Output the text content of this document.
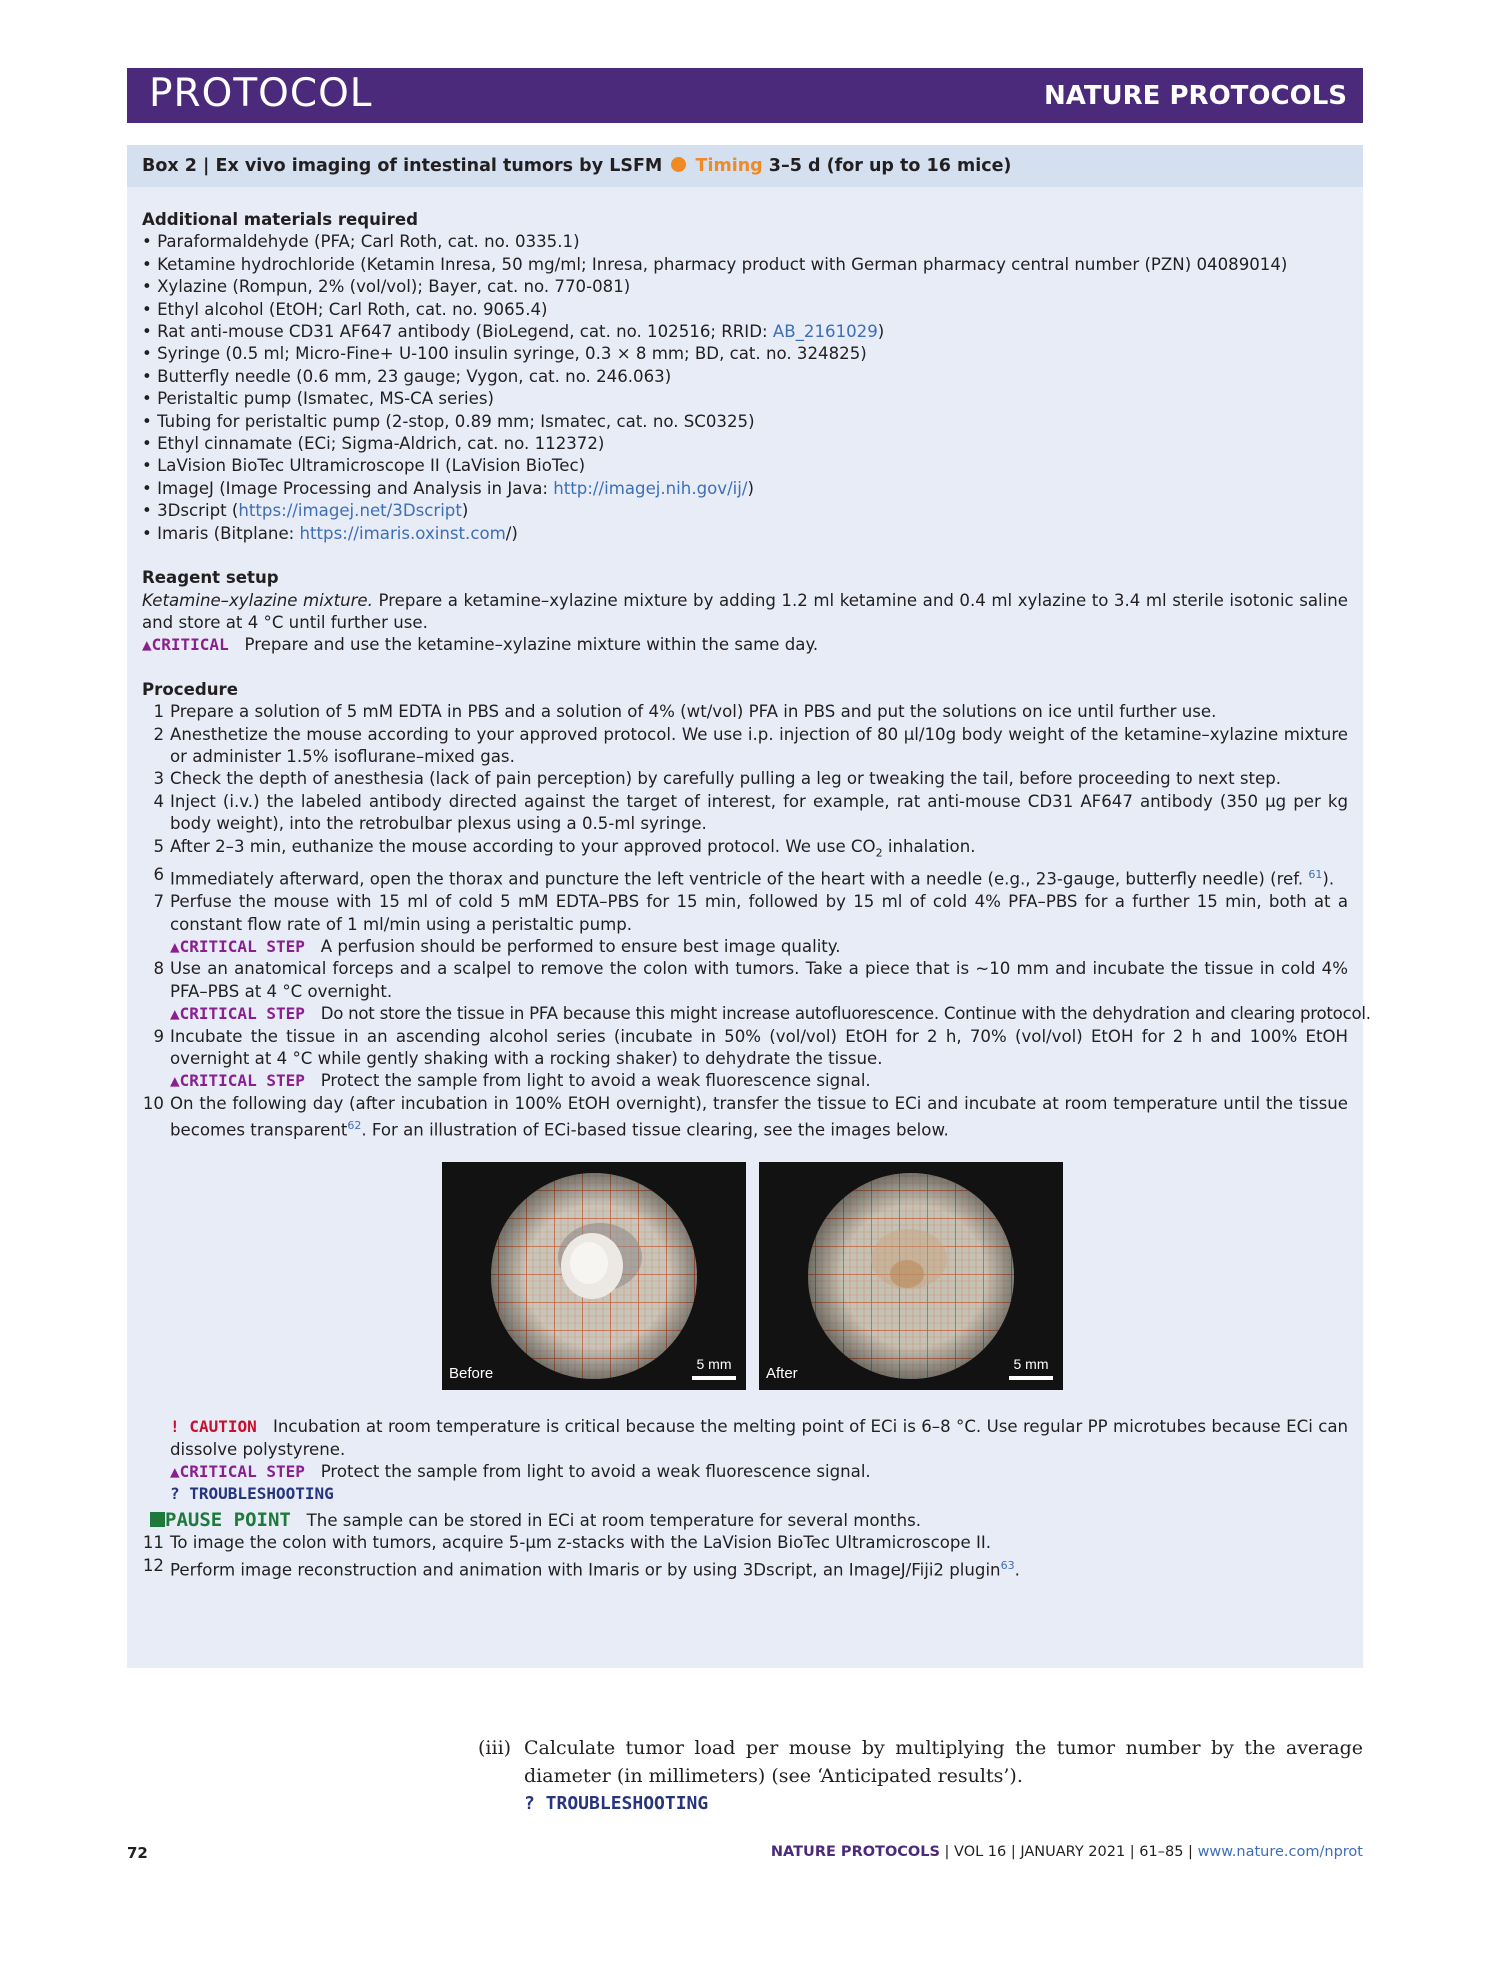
PROTOCOL	NATURE PROTOCOLS
Box 2 | Ex vivo imaging of intestinal tumors by LSFM Timing 3–5 d (for up to 16 mice)

Additional materials required

• Paraformaldehyde (PFA; Carl Roth, cat. no. 0335.1)
• Ketamine hydrochloride (Ketamin Inresa, 50 mg/ml; Inresa, pharmacy product with German pharmacy central number (PZN) 04089014)
• Xylazine (Rompun, 2% (vol/vol); Bayer, cat. no. 770-081)
• Ethyl alcohol (EtOH; Carl Roth, cat. no. 9065.4)
• Rat anti-mouse CD31 AF647 antibody (BioLegend, cat. no. 102516; RRID: AB_2161029)
• Syringe (0.5 ml; Micro-Fine+ U-100 insulin syringe, 0.3 × 8 mm; BD, cat. no. 324825)
• Butterfly needle (0.6 mm, 23 gauge; Vygon, cat. no. 246.063)
• Peristaltic pump (Ismatec, MS-CA series)
• Tubing for peristaltic pump (2-stop, 0.89 mm; Ismatec, cat. no. SC0325)
• Ethyl cinnamate (ECi; Sigma-Aldrich, cat. no. 112372)
• LaVision BioTec Ultramicroscope II (LaVision BioTec)
• ImageJ (Image Processing and Analysis in Java: http://imagej.nih.gov/ij/)
• 3Dscript (https://imagej.net/3Dscript)
• Imaris (Bitplane: https://imaris.oxinst.com/)

Reagent setup

Ketamine–xylazine mixture. Prepare a ketamine–xylazine mixture by adding 1.2 ml ketamine and 0.4 ml xylazine to 3.4 ml sterile isotonic saline and store at 4 °C until further use.
▲CRITICAL Prepare and use the ketamine–xylazine mixture within the same day.

Procedure

1 Prepare a solution of 5 mM EDTA in PBS and a solution of 4% (wt/vol) PFA in PBS and put the solutions on ice until further use.
2 Anesthetize the mouse according to your approved protocol. We use i.p. injection of 80 µl/10g body weight of the ketamine–xylazine mixture or administer 1.5% isoflurane–mixed gas.
3 Check the depth of anesthesia (lack of pain perception) by carefully pulling a leg or tweaking the tail, before proceeding to next step.
4 Inject (i.v.) the labeled antibody directed against the target of interest, for example, rat anti-mouse CD31 AF647 antibody (350 µg per kg body weight), into the retrobulbar plexus using a 0.5-ml syringe.
5 After 2–3 min, euthanize the mouse according to your approved protocol. We use $CO_2$ inhalation.
6 Immediately afterward, open the thorax and puncture the left ventricle of the heart with a needle (e.g., 23-gauge, butterfly needle) (ref. $^{61}$).
7 Perfuse the mouse with 15 ml of cold 5 mM EDTA–PBS for 15 min, followed by 15 ml of cold 4% PFA–PBS for a further 15 min, both at a constant flow rate of 1 ml/min using a peristaltic pump.
▲CRITICAL STEP A perfusion should be performed to ensure best image quality.
8 Use an anatomical forceps and a scalpel to remove the colon with tumors. Take a piece that is ~10 mm and incubate the tissue in cold 4% PFA–PBS at 4 °C overnight.
▲CRITICAL STEP Do not store the tissue in PFA because this might increase autofluorescence. Continue with the dehydration and clearing protocol.
9 Incubate the tissue in an ascending alcohol series (incubate in 50% (vol/vol) EtOH for 2 h, 70% (vol/vol) EtOH for 2 h and 100% EtOH overnight at 4 °C while gently shaking with a rocking shaker) to dehydrate the tissue.
▲CRITICAL STEP Protect the sample from light to avoid a weak fluorescence signal.
10 On the following day (after incubation in 100% EtOH overnight), transfer the tissue to ECi and incubate at room temperature until the tissue becomes transparent$^{62}$. For an illustration of ECi-based tissue clearing, see the images below.
Before
5 mm
After
5 mm
! CAUTION Incubation at room temperature is critical because the melting point of ECi is 6–8 °C. Use regular PP microtubes because ECi can dissolve polystyrene.
▲CRITICAL STEP Protect the sample from light to avoid a weak fluorescence signal.
? TROUBLESHOOTING
PAUSE POINT The sample can be stored in ECi at room temperature for several months.
11 To image the colon with tumors, acquire 5-µm z-stacks with the LaVision BioTec Ultramicroscope II.
12 Perform image reconstruction and animation with Imaris or by using 3Dscript, an ImageJ/Fiji2 plugin$^{63}$.
(iii) Calculate tumor load per mouse by multiplying the tumor number by the average diameter (in millimeters) (see ‘Anticipated results’).
? TROUBLESHOOTING
72	NATURE PROTOCOLS | VOL 16 | JANUARY 2021 | 61–85 | www.nature.com/nprot
